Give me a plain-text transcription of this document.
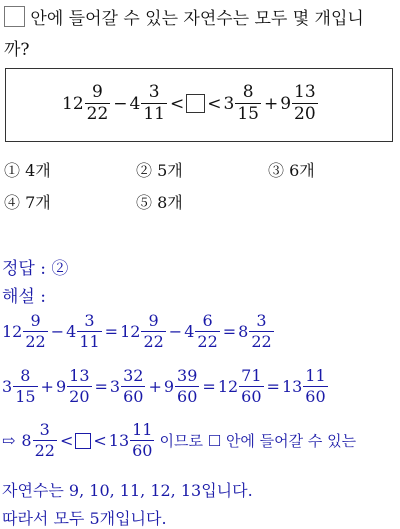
안에 들어갈 수 있는 자연수는 모두 몇 개입니
까?
$12 \frac{9}{22} - 4 \frac{3}{11}$ < < $3 \frac{8}{15} + 9 \frac{13}{20}$
① 4개	② 5개	③ 6개
④ 7개	⑤ 8개
정답 : ②
해설 :
$12 \frac{9}{22} - 4 \frac{3}{11} = 12 \frac{9}{22} - 4 \frac{6}{22} = 8 \frac{3}{22}$
$3 \frac{8}{15} + 9 \frac{13}{20} = 3 \frac{32}{60} + 9 \frac{39}{60} = 12 \frac{71}{60} = 13 \frac{11}{60}$
⇨ $8 \frac{3}{22}$ < < $13 \frac{11}{60}$ 이므로 ☐ 안에 들어갈 수 있는
자연수는 9, 10, 11, 12, 13입니다.
따라서 모두 5개입니다.
